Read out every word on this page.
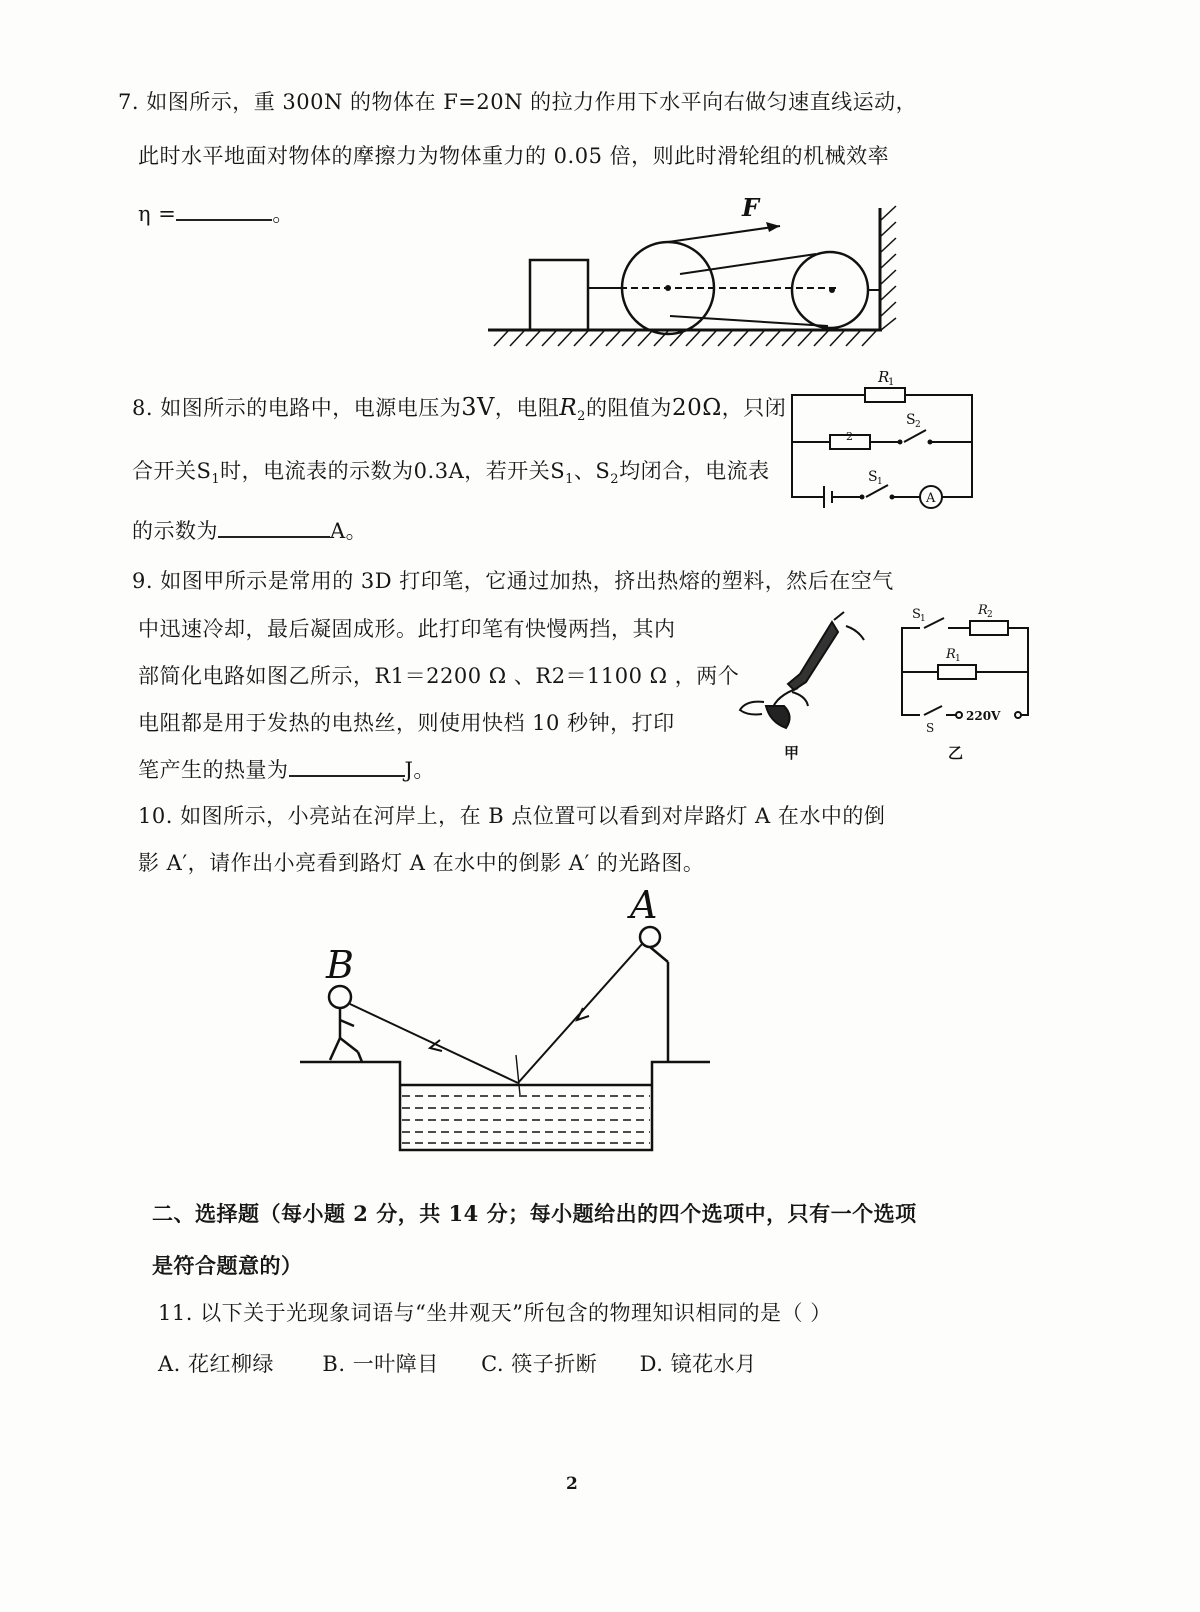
7. 如图所示，重 300N 的物体在 F=20N 的拉力作用下水平向右做匀速直线运动，
此时水平地面对物体的摩擦力为物体重力的 0.05 倍，则此时滑轮组的机械效率
η =	。	F
8. 如图所示的电路中，电源电压为3V，电阻$R_2$的阻值为20Ω，只闭
合开关$S_1$时，电流表的示数为0.3A，若开关$S_1$、$S_2$均闭合，电流表
的示数为	A。
R
1
2
S 2
S 1
A
9. 如图甲所示是常用的 3D 打印笔，它通过加热，挤出热熔的塑料，然后在空气
中迅速冷却，最后凝固成形。此打印笔有快慢两挡，其内
部简化电路如图乙所示，R1＝2200 Ω 、R2＝1100 Ω ，两个
电阻都是用于发热的电热丝，则使用快档 10 秒钟，打印
笔产生的热量为	J。
甲
S 1
R 2
R 1
S
220V
乙
10. 如图所示，小亮站在河岸上，在 B 点位置可以看到对岸路灯 A 在水中的倒
影 A′，请作出小亮看到路灯 A 在水中的倒影 A′ 的光路图。
A
B
二、选择题（每小题 2 分，共 14 分；每小题给出的四个选项中，只有一个选项
是符合题意的）
11. 以下关于光现象词语与“坐井观天”所包含的物理知识相同的是（ ）
A. 花红柳绿 B. 一叶障目 C. 筷子折断 D. 镜花水月
2
